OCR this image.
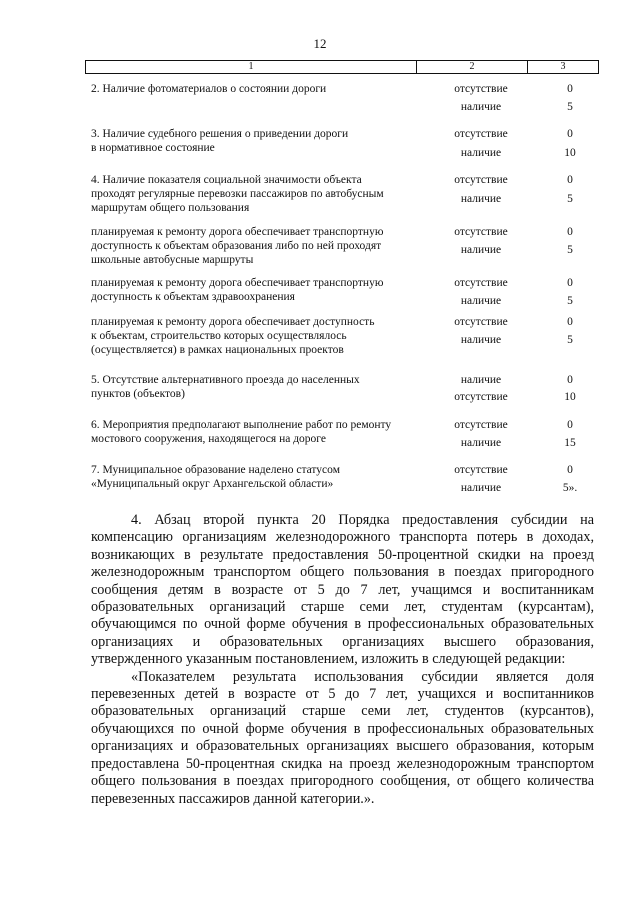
12
1	2	3
2. Наличие фотоматериалов о состоянии дороги	отсутствие	0
наличие	5
3. Наличие судебного решения о приведении дороги
в нормативное состояние
отсутствие	0
наличие	10
4. Наличие показателя социальной значимости объекта
проходят регулярные перевозки пассажиров по автобусным
маршрутам общего пользования
отсутствие	0
наличие	5
планируемая к ремонту дорога обеспечивает транспортную
доступность к объектам образования либо по ней проходят
школьные автобусные маршруты
отсутствие	0
наличие	5
планируемая к ремонту дорога обеспечивает транспортную
доступность к объектам здравоохранения
отсутствие	0
наличие	5
планируемая к ремонту дорога обеспечивает доступность
к объектам, строительство которых осуществлялось
(осуществляется) в рамках национальных проектов
отсутствие	0
наличие	5
5. Отсутствие альтернативного проезда до населенных
пунктов (объектов)
наличие	0
отсутствие	10
6. Мероприятия предполагают выполнение работ по ремонту
мостового сооружения, находящегося на дороге
отсутствие	0
наличие	15
7. Муниципальное образование наделено статусом
«Муниципальный округ Архангельской области»
отсутствие	0
наличие	5».
4. Абзац второй пункта 20 Порядка предоставления субсидии на компенсацию организациям железнодорожного транспорта потерь в доходах, возникающих в результате предоставления 50-процентной скидки на проезд железнодорожным транспортом общего пользования в поездах пригородного сообщения детям в возрасте от 5 до 7 лет, учащимся и воспитанникам образовательных организаций старше семи лет, студентам (курсантам), обучающимся по очной форме обучения в профессиональных образовательных организациях и образовательных организациях высшего образования, утвержденного указанным постановлением, изложить в следующей редакции:
«Показателем результата использования субсидии является доля перевезенных детей в возрасте от 5 до 7 лет, учащихся и воспитанников образовательных организаций старше семи лет, студентов (курсантов), обучающихся по очной форме обучения в профессиональных образовательных организациях и образовательных организациях высшего образования, которым предоставлена 50-процентная скидка на проезд железнодорожным транспортом общего пользования в поездах пригородного сообщения, от общего количества перевезенных пассажиров данной категории.».
